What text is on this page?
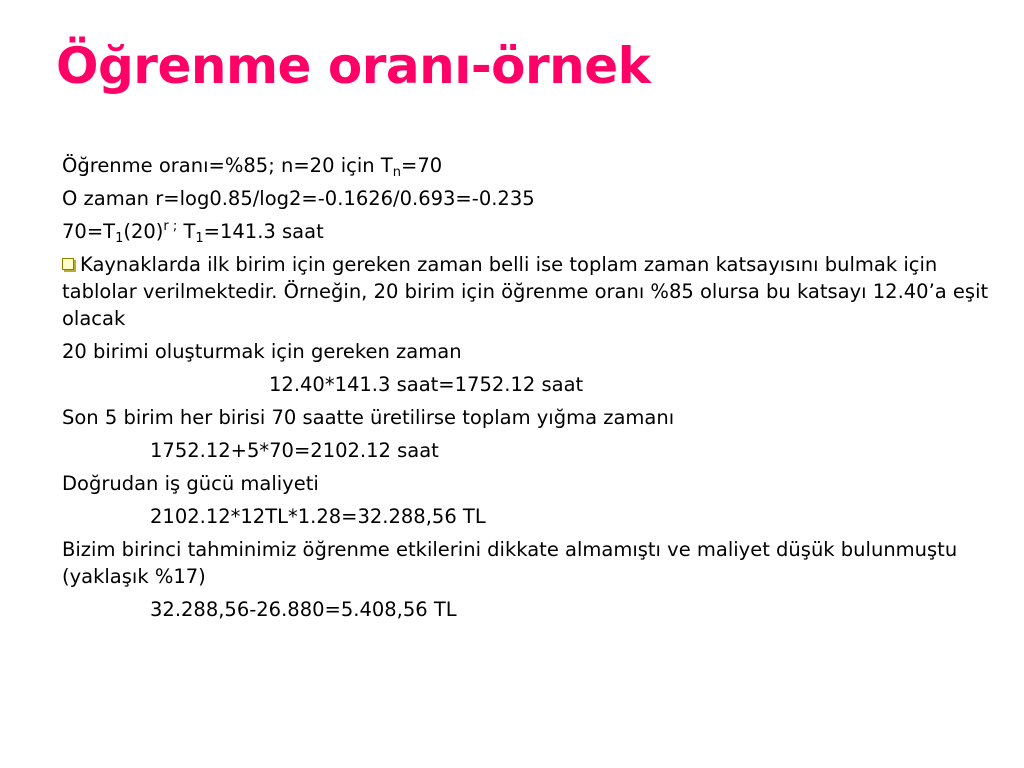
Öğrenme oranı-örnek
Öğrenme oranı=%85; n=20 için $T_n=70$
O zaman r=log0.85/log2=-0.1626/0.693=-0.235
$70=T_1(20)^{r ;}$ $T_1=141.3$ saat
Kaynaklarda ilk birim için gereken zaman belli ise toplam zaman katsayısını bulmak için tablolar verilmektedir. Örneğin, 20 birim için öğrenme oranı %85 olursa bu katsayı 12.40’a eşit olacak
20 birimi oluşturmak için gereken zaman
12.40*141.3 saat=1752.12 saat
Son 5 birim her birisi 70 saatte üretilirse toplam yığma zamanı
1752.12+5*70=2102.12 saat
Doğrudan iş gücü maliyeti
2102.12*12TL*1.28=32.288,56 TL
Bizim birinci tahminimiz öğrenme etkilerini dikkate almamıştı ve maliyet düşük bulunmuştu (yaklaşık %17)
32.288,56-26.880=5.408,56 TL
